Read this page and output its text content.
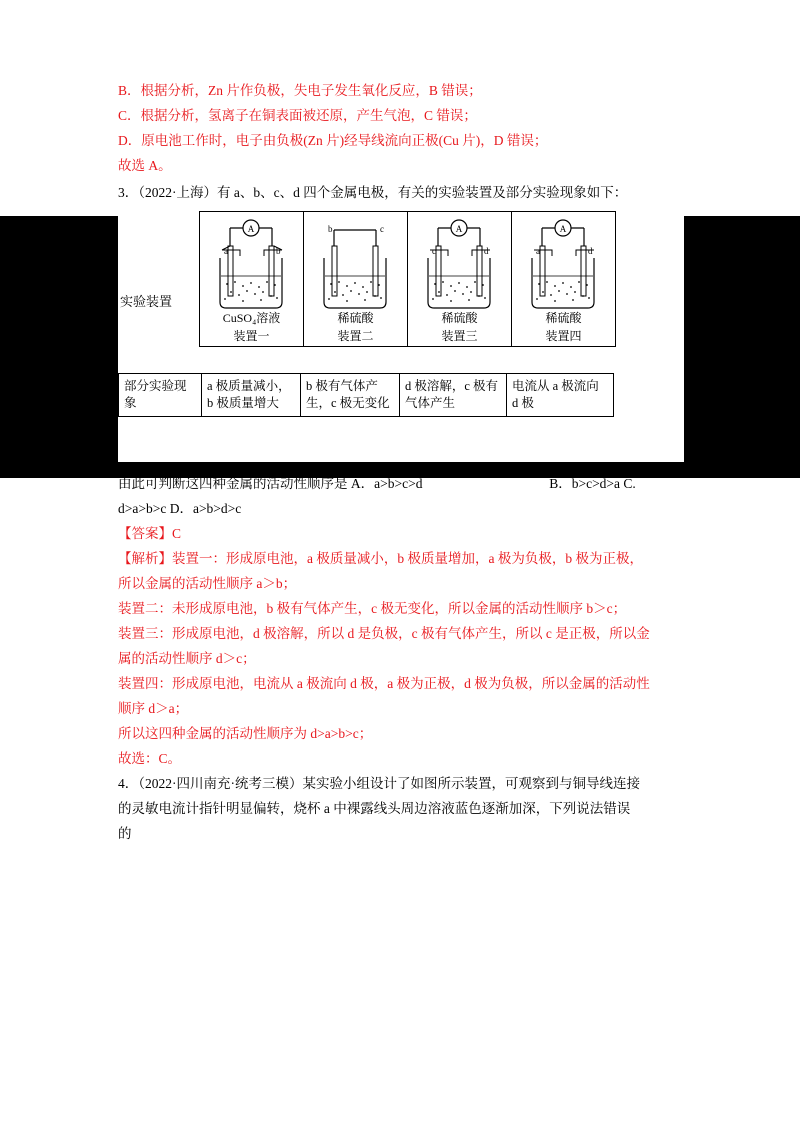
B．根据分析，Zn 片作负极，失电子发生氧化反应，B 错误；
C．根据分析，氢离子在铜表面被还原，产生气泡，C 错误；
D．原电池工作时，电子由负极(Zn 片)经导线流向正极(Cu 片)，D 错误；
故选 A。
3．（2022·上海）有 a、b、c、d 四个金属电极，有关的实验装置及部分实验现象如下：
实验装置
A
a	b
CuSO₄溶液
装置一
b	c
稀硫酸
装置二
A
c	d
稀硫酸
装置三
A
a	d
稀硫酸
装置四
部分实验现象	a 极质量减小，b 极质量增大	b 极有气体产生，c 极无变化	d 极溶解，c 极有气体产生	电流从 a 极流向 d 极
由此可判断这四种金属的活动性顺序是 A．a>b>c>d	B．b>c>d>a C.
d>a>b>c D．a>b>d>c
【答案】C
【解析】装置一：形成原电池，a 极质量减小，b 极质量增加，a 极为负极，b 极为正极，
所以金属的活动性顺序 a＞b；
装置二：未形成原电池，b 极有气体产生，c 极无变化，所以金属的活动性顺序 b＞c；
装置三：形成原电池，d 极溶解，所以 d 是负极，c 极有气体产生，所以 c 是正极，所以金
属的活动性顺序 d＞c；
装置四：形成原电池，电流从 a 极流向 d 极，a 极为正极，d 极为负极，所以金属的活动性
顺序 d＞a；
所以这四种金属的活动性顺序为 d>a>b>c；
故选：C。
4．（2022·四川南充·统考三模）某实验小组设计了如图所示装置，可观察到与铜导线连接
的灵敏电流计指针明显偏转，烧杯 a 中裸露线头周边溶液蓝色逐渐加深，下列说法错误
的
